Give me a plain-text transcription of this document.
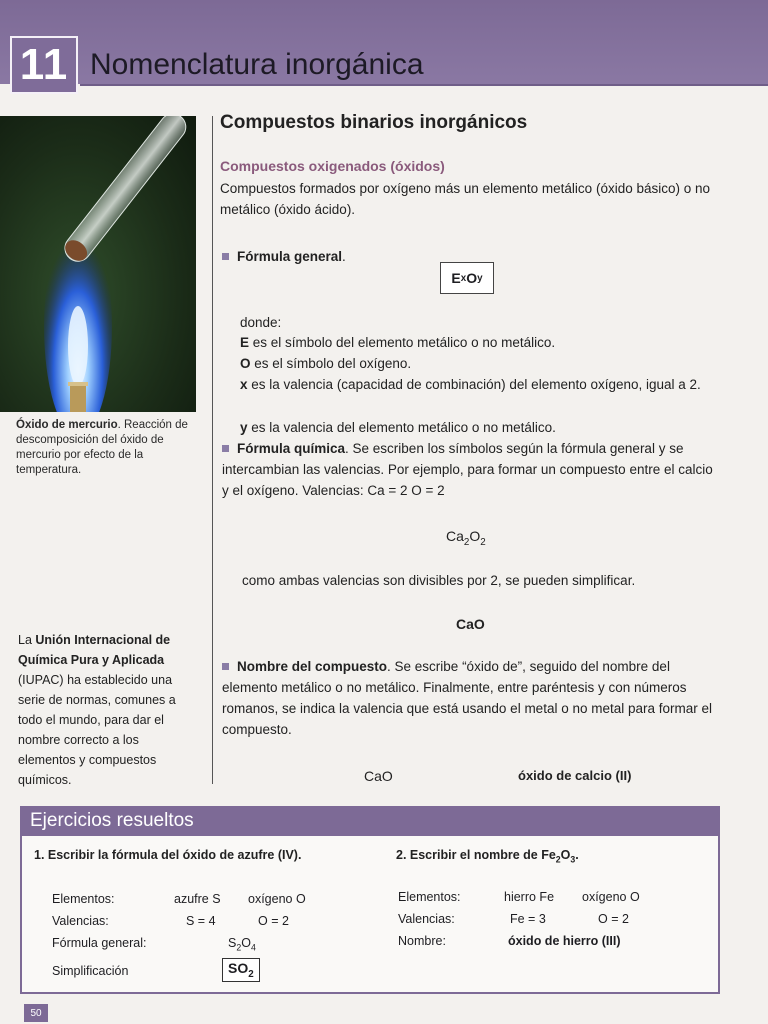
11 Nomenclatura inorgánica
Óxido de mercurio. Reacción de descomposición del óxido de mercurio por efecto de la temperatura.
La Unión Internacional de Química Pura y Aplicada (IUPAC) ha establecido una serie de normas, comunes a todo el mundo, para dar el nombre correcto a los elementos y compuestos químicos.
Compuestos binarios inorgánicos
Compuestos oxigenados (óxidos)
Compuestos formados por oxígeno más un elemento metálico (óxido básico) o no metálico (óxido ácido).
Fórmula general.
E x O y
donde:
E es el símbolo del elemento metálico o no metálico.
O es el símbolo del oxígeno.
x es la valencia (capacidad de combinación) del elemento oxígeno, igual a 2.
y es la valencia del elemento metálico o no metálico.
Fórmula química. Se escriben los símbolos según la fórmula general y se intercambian las valencias. Por ejemplo, para formar un compuesto entre el calcio y el oxígeno. Valencias: Ca = 2 O = 2
$Ca_2O_2$
como ambas valencias son divisibles por 2, se pueden simplificar.
CaO
Nombre del compuesto. Se escribe “óxido de”, seguido del nombre del elemento metálico o no metálico. Finalmente, entre paréntesis y con números romanos, se indica la valencia que está usando el metal o no metal para formar el compuesto.
CaO	óxido de calcio (II)
Ejercicios resueltos
1. Escribir la fórmula del óxido de azufre (IV).
Elementos:	azufre S oxígeno O
Valencias:	S = 4	O = 2
Fórmula general:	$S_2O_4$
Simplificación	$SO_2$
2. Escribir el nombre de $Fe_2O_3$.
Elementos:	hierro Fe oxígeno O
Valencias:	Fe = 3	O = 2
Nombre:	óxido de hierro (III)
50
